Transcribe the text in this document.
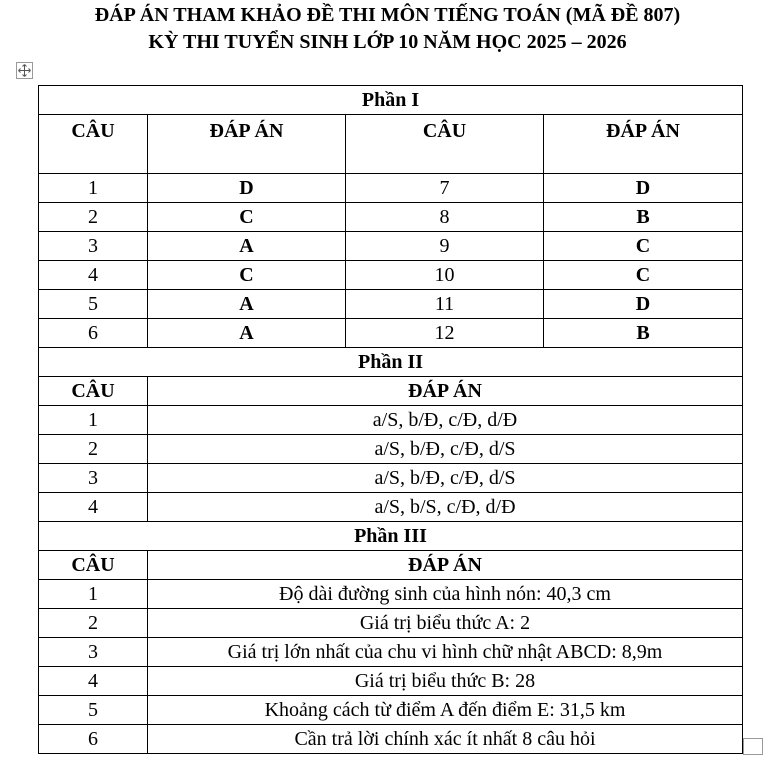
ĐÁP ÁN THAM KHẢO ĐỀ THI MÔN TIẾNG TOÁN (MÃ ĐỀ 807)
KỲ THI TUYỂN SINH LỚP 10 NĂM HỌC 2025 – 2026
Phần I			
CÂU	ĐÁP ÁN	CÂU	ĐÁP ÁN
1	D	7	D
2	C	8	B
3	A	9	C
4	C	10	C
5	A	11	D
6	A	12	B
Phần II			
CÂU	ĐÁP ÁN		
1	a/S, b/Đ, c/Đ, d/Đ		
2	a/S, b/Đ, c/Đ, d/S		
3	a/S, b/Đ, c/Đ, d/S		
4	a/S, b/S, c/Đ, d/Đ		
Phần III			
CÂU	ĐÁP ÁN		
1	Độ dài đường sinh của hình nón: 40,3 cm		
2	Giá trị biểu thức A: 2		
3	Giá trị lớn nhất của chu vi hình chữ nhật ABCD: 8,9m		
4	Giá trị biểu thức B: 28		
5	Khoảng cách từ điểm A đến điểm E: 31,5 km		
6	Cần trả lời chính xác ít nhất 8 câu hỏi		
